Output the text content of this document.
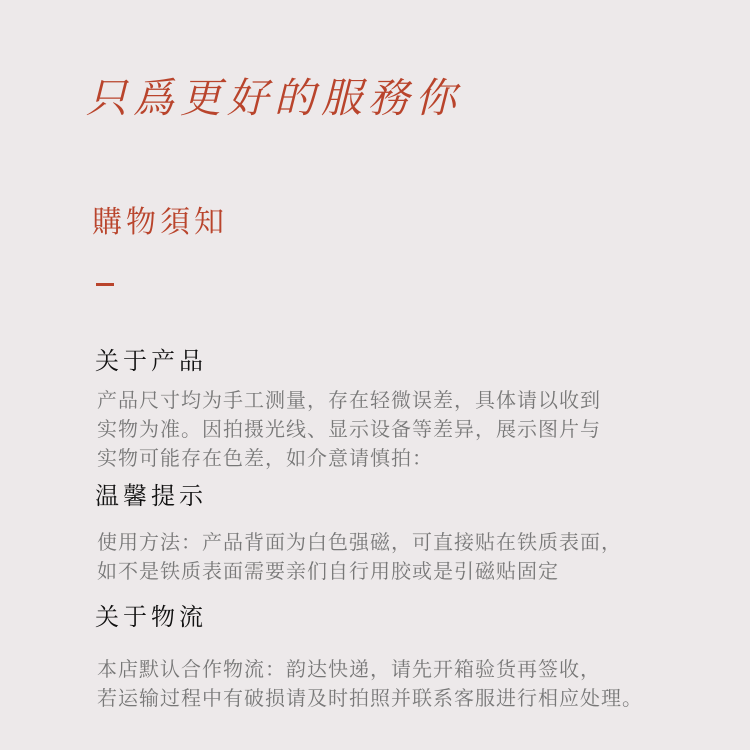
只爲更好的服務你
購物須知
关于产品
产品尺寸均为手工测量，存在轻微误差，具体请以收到
实物为准。因拍摄光线、显示设备等差异，展示图片与
实物可能存在色差，如介意请慎拍：
温馨提示
使用方法：产品背面为白色强磁，可直接贴在铁质表面，
如不是铁质表面需要亲们自行用胶或是引磁贴固定
关于物流
本店默认合作物流：韵达快递，请先开箱验货再签收，
若运输过程中有破损请及时拍照并联系客服进行相应处理。
